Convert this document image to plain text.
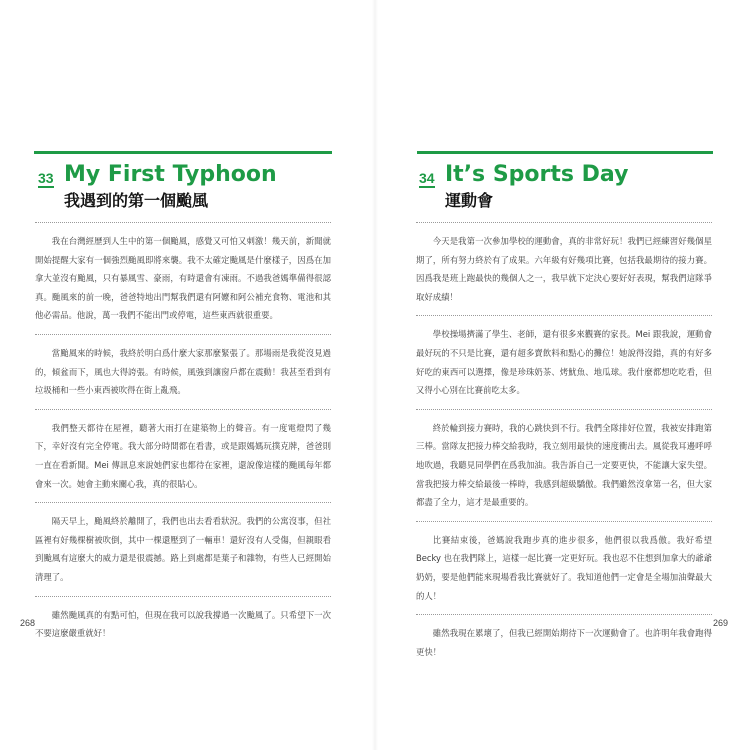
33 My First Typhoon
我遇到的第一個颱風

我在台灣經歷到人生中的第一個颱風，感覺又可怕又刺激！幾天前，新聞就開始提醒大家有一個強烈颱風即將來襲。我不太確定颱風是什麼樣子，因爲在加拿大並沒有颱風，只有暴風雪、豪雨，有時還會有凍雨。不過我爸媽準備得很認真。颱風來的前一晚，爸爸特地出門幫我們還有阿嬤和阿公補充食物、電池和其他必需品。他說，萬一我們不能出門或停電，這些東西就很重要。

當颱風來的時候，我終於明白爲什麼大家那麼緊張了。那場雨是我從沒見過的，傾盆而下，風也大得誇張。有時候，風強到讓窗戶都在震動！我甚至看到有垃圾桶和一些小東西被吹得在街上亂飛。

我們整天都待在屋裡，聽著大雨打在建築物上的聲音。有一度電燈閃了幾下，幸好沒有完全停電。我大部分時間都在看書，或是跟媽媽玩撲克牌，爸爸則一直在看新聞。Mei 傳訊息來說她們家也都待在家裡，還說像這樣的颱風每年都會來一次。她會主動來關心我，真的很貼心。

隔天早上，颱風終於離開了，我們也出去看看狀況。我們的公寓沒事，但社區裡有好幾棵樹被吹倒，其中一棵還壓到了一輛車！還好沒有人受傷，但親眼看到颱風有這麼大的威力還是很震撼。路上到處都是葉子和雜物，有些人已經開始清理了。

雖然颱風真的有點可怕，但現在我可以說我撐過一次颱風了。只希望下一次不要這麼嚴重就好！

34 It’s Sports Day
運動會

今天是我第一次參加學校的運動會，真的非常好玩！我們已經練習好幾個星期了，所有努力終於有了成果。六年級有好幾項比賽，包括我最期待的接力賽。因爲我是班上跑最快的幾個人之一，我早就下定決心要好好表現，幫我們這隊爭取好成績！

學校操場擠滿了學生、老師，還有很多來觀賽的家長。Mei 跟我說，運動會最好玩的不只是比賽，還有超多賣飲料和點心的攤位！她說得沒錯，真的有好多好吃的東西可以選擇，像是珍珠奶茶、烤魷魚、地瓜球。我什麼都想吃吃看，但又得小心別在比賽前吃太多。

終於輪到接力賽時，我的心跳快到不行。我們全隊排好位置，我被安排跑第三棒。當隊友把接力棒交給我時，我立刻用最快的速度衝出去。風從我耳邊呼呼地吹過，我聽見同學們在爲我加油。我告訴自己一定要更快，不能讓大家失望。當我把接力棒交給最後一棒時，我感到超級驕傲。我們雖然沒拿第一名，但大家都盡了全力，這才是最重要的。

比賽結束後，爸媽說我跑步真的進步很多，他們很以我爲傲。我好希望 Becky 也在我們隊上，這樣一起比賽一定更好玩。我也忍不住想到加拿大的爺爺奶奶，要是他們能來現場看我比賽就好了。我知道他們一定會是全場加油聲最大的人！

雖然我現在累壞了，但我已經開始期待下一次運動會了。也許明年我會跑得更快！

268	269
